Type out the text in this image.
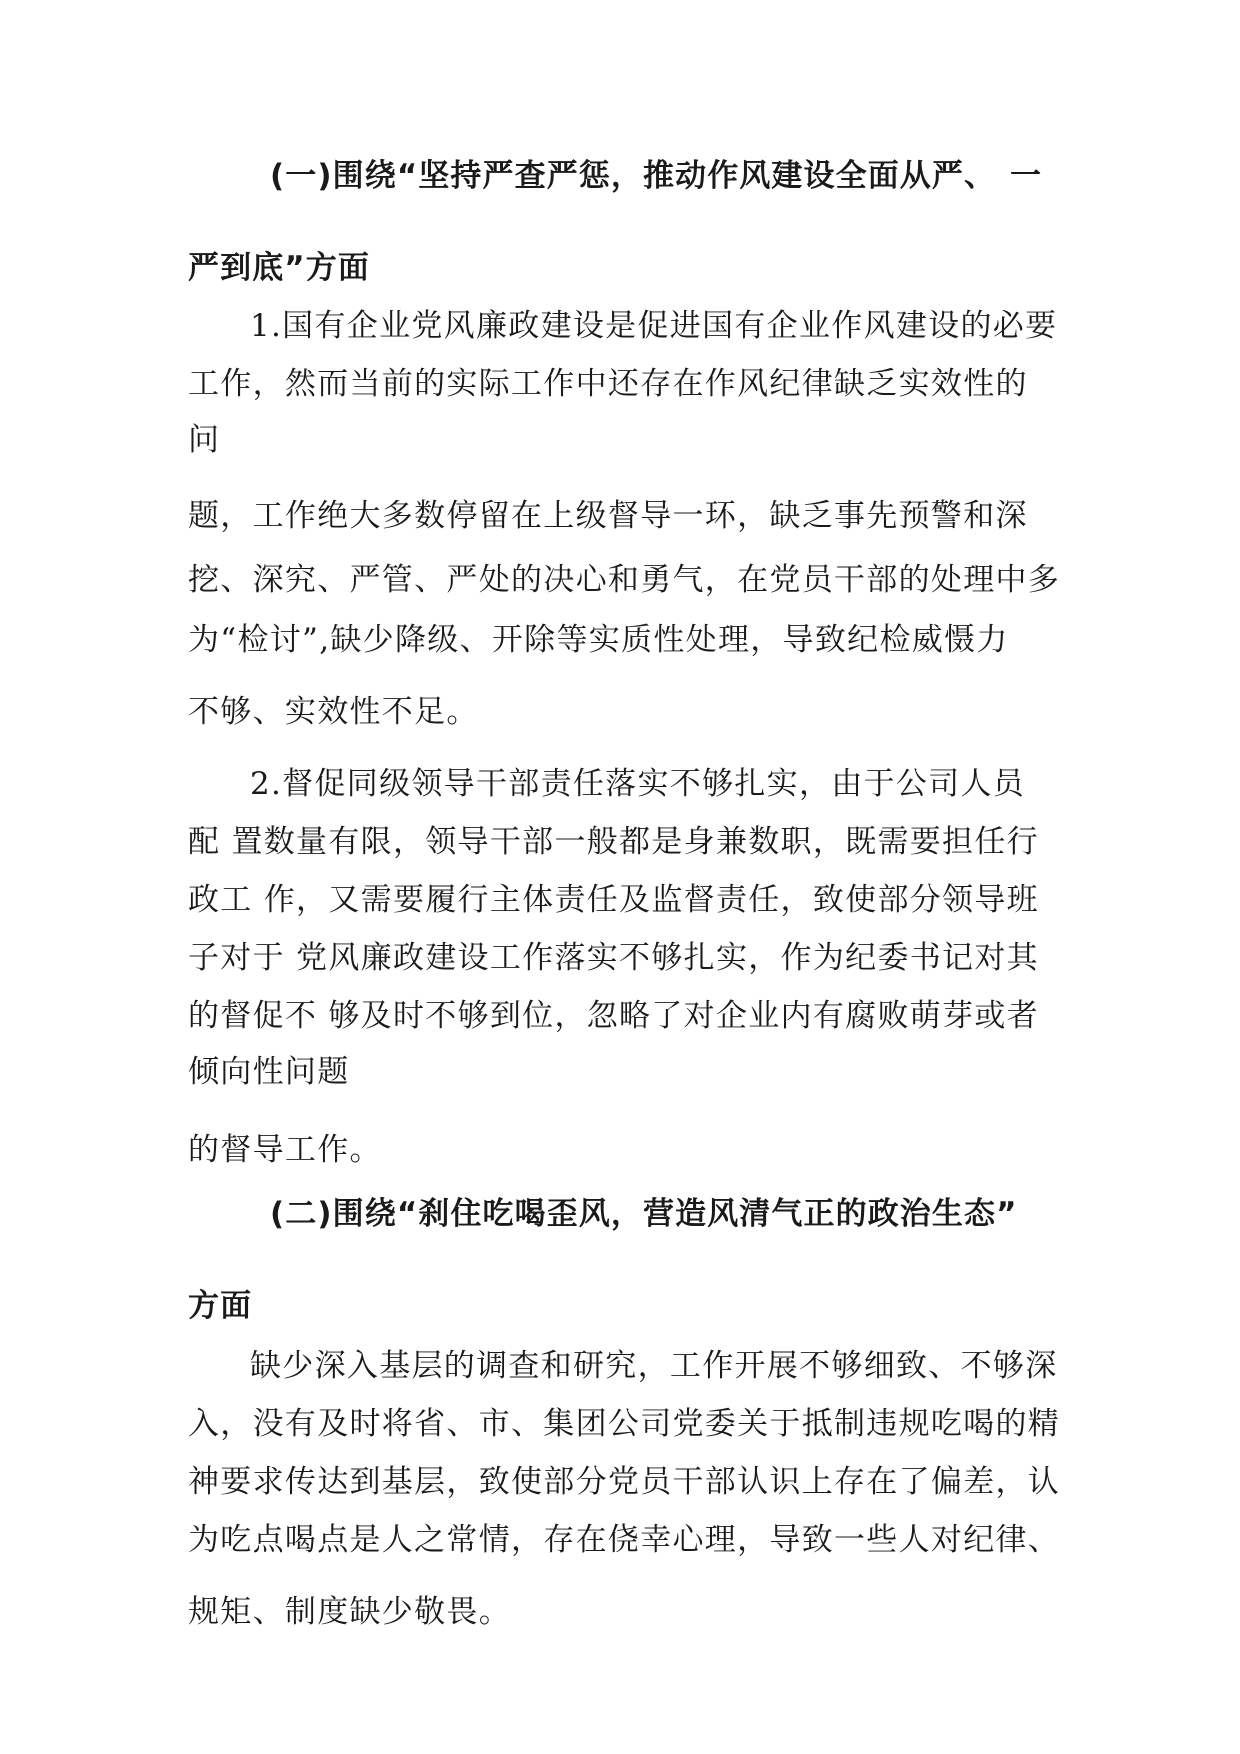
(一)围绕“坚持严查严惩，推动作风建设全面从严、 一
严到底”方面
1.国有企业党风廉政建设是促进国有企业作风建设的必要
工作，然而当前的实际工作中还存在作风纪律缺乏实效性的
问
题，工作绝大多数停留在上级督导一环，缺乏事先预警和深
挖、深究、严管、严处的决心和勇气，在党员干部的处理中多
为“检讨”,缺少降级、开除等实质性处理，导致纪检威慑力
不够、实效性不足。
2.督促同级领导干部责任落实不够扎实，由于公司人员
配 置数量有限，领导干部一般都是身兼数职，既需要担任行
政工 作，又需要履行主体责任及监督责任，致使部分领导班
子对于 党风廉政建设工作落实不够扎实，作为纪委书记对其
的督促不 够及时不够到位，忽略了对企业内有腐败萌芽或者
倾向性问题
的督导工作。
(二)围绕“刹住吃喝歪风，营造风清气正的政治生态”
方面
缺少深入基层的调查和研究，工作开展不够细致、不够深
入，没有及时将省、市、集团公司党委关于抵制违规吃喝的精
神要求传达到基层，致使部分党员干部认识上存在了偏差，认
为吃点喝点是人之常情，存在侥幸心理，导致一些人对纪律、
规矩、制度缺少敬畏。
